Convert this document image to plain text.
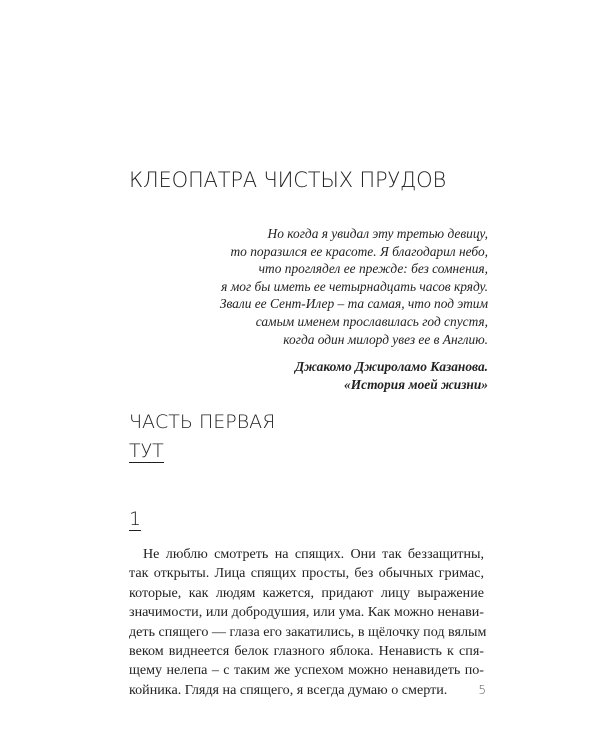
КЛЕОПАТРА ЧИСТЫХ ПРУДОВ
Но когда я увидал эту третью девицу,
то поразился ее красоте. Я благодарил небо,
что проглядел ее прежде: без сомнения,
я мог бы иметь ее четырнадцать часов кряду.
Звали ее Сент-Илер – та самая, что под этим
самым именем прославилась год спустя,
когда один милорд увез ее в Англию.
Джакомо Джироламо Казанова.
«История моей жизни»
ЧАСТЬ ПЕРВАЯ
ТУТ
1
Не люблю смотреть на спящих. Они так беззащитны,
так открыты. Лица спящих просты, без обычных гримас,
которые, как людям кажется, придают лицу выражение
значимости, или добродушия, или ума. Как можно ненави-
деть спящего — глаза его закатились, в щёлочку под вялым
веком виднеется белок глазного яблока. Ненависть к спя-
щему нелепа – с таким же успехом можно ненавидеть по-
койника. Глядя на спящего, я всегда думаю о смерти.	5
